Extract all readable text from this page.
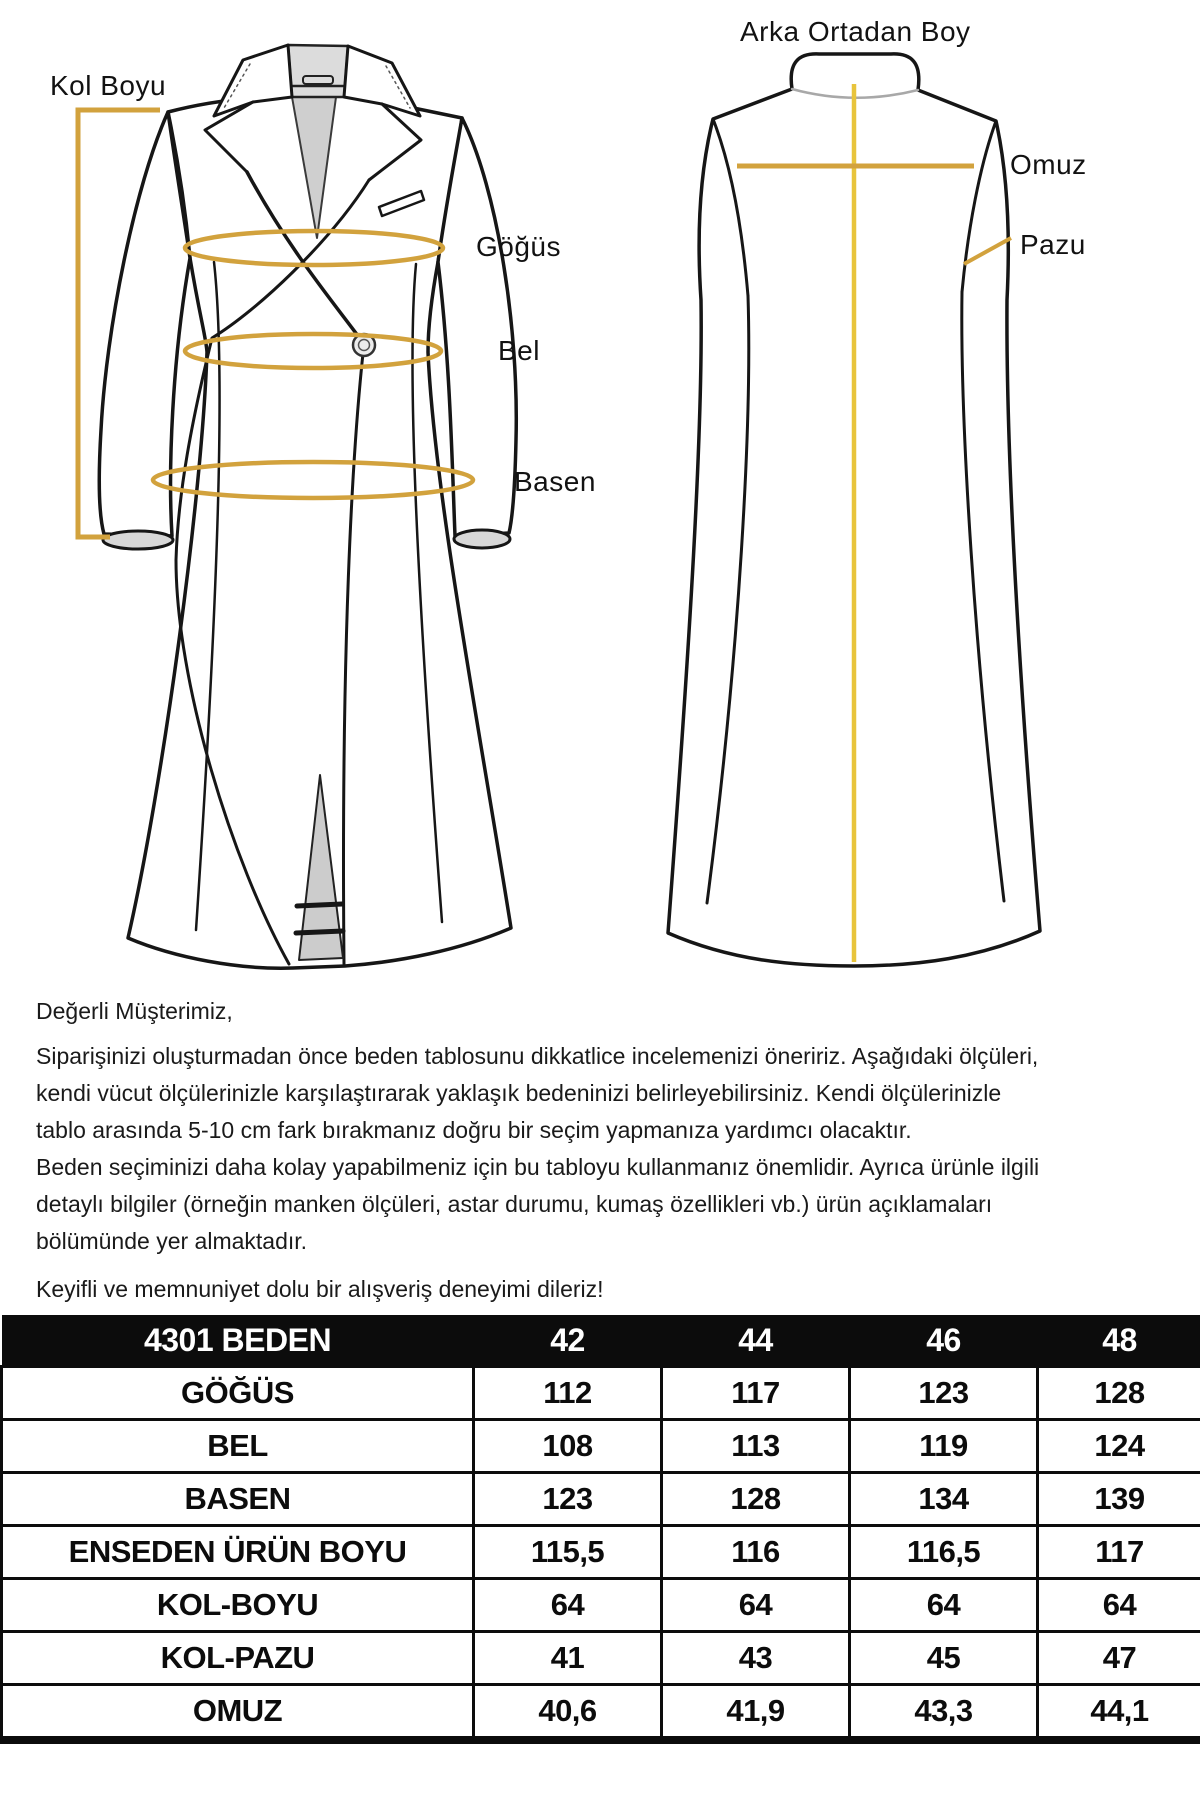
Kol Boyu
Göğüs
Bel
Basen
Arka Ortadan Boy
Omuz
Pazu

Değerli Müşterimiz,

Siparişinizi oluşturmadan önce beden tablosunu dikkatlice incelemenizi öneririz. Aşağıdaki ölçüleri, kendi vücut ölçülerinizle karşılaştırarak yaklaşık bedeninizi belirleyebilirsiniz. Kendi ölçülerinizle tablo arasında 5-10 cm fark bırakmanız doğru bir seçim yapmanıza yardımcı olacaktır.

Beden seçiminizi daha kolay yapabilmeniz için bu tabloyu kullanmanız önemlidir. Ayrıca ürünle ilgili detaylı bilgiler (örneğin manken ölçüleri, astar durumu, kumaş özellikleri vb.) ürün açıklamaları bölümünde yer almaktadır.

Keyifli ve memnuniyet dolu bir alışveriş deneyimi dileriz!

4301 BEDEN	42	44	46	48
GÖĞÜS	112	117	123	128
BEL	108	113	119	124
BASEN	123	128	134	139
ENSEDEN ÜRÜN BOYU	115,5	116	116,5	117
KOL-BOYU	64	64	64	64
KOL-PAZU	41	43	45	47
OMUZ	40,6	41,9	43,3	44,1
